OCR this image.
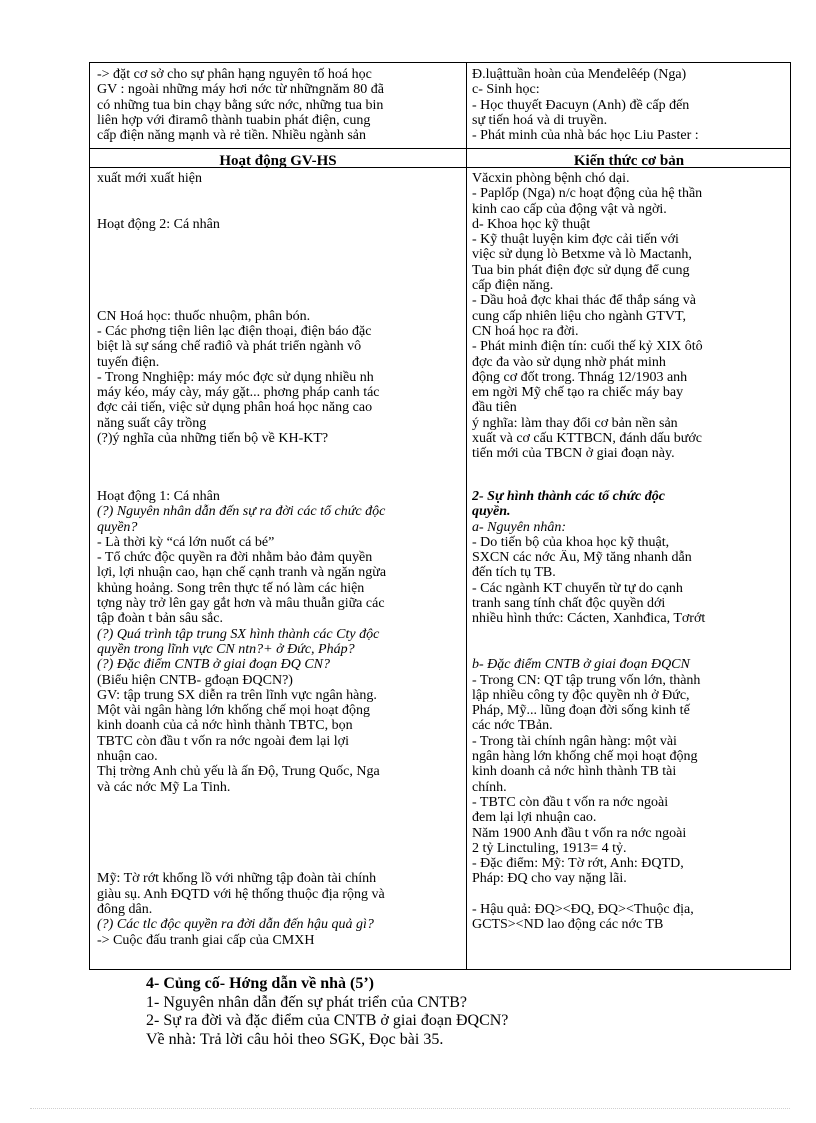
-> đặt cơ sở cho sự phân hạng nguyên tố hoá học
GV : ngoài những máy hơi nớc từ nhữngnăm 80 đã
có những tua bin chạy bằng sức nớc, những tua bin
liên hợp với điramô thành tuabin phát điện, cung
cấp điện năng mạnh và rẻ tiền. Nhiều ngành sản
Đ.luậttuần hoàn của Menđelêép (Nga)
c- Sinh học:
- Học thuyết Đacuyn (Anh) đề cấp đến
sự tiến hoá và di truyền.
- Phát minh của nhà bác học Liu Paster :
Hoạt động GV-HS	Kiến thức cơ bản
xuất mới xuất hiện

Hoạt động 2: Cá nhân

CN Hoá học: thuốc nhuộm, phân bón.
- Các phơng tiện liên lạc điện thoại, điện báo đặc
biệt là sự sáng chế rađiô và phát triển ngành vô
tuyến điện.
- Trong Nnghiệp: máy móc đợc sử dụng nhiều nh
máy kéo, máy cày, máy gặt... phơng pháp canh tác
đợc cải tiến, việc sử dụng phân hoá học năng cao
năng suất cây trồng
(?)ý nghĩa của những tiến bộ về KH-KT?
Văcxin phòng bệnh chó dại.
- Paplốp (Nga) n/c hoạt động của hệ thần
kinh cao cấp của động vật và ngời.
d- Khoa học kỹ thuật
- Kỹ thuật luyện kim đợc cải tiến với
việc sử dụng lò Betxme và lò Mactanh,
Tua bin phát điện đợc sử dụng để cung
cấp điện năng.
- Dầu hoả đợc khai thác để thắp sáng và
cung cấp nhiên liệu cho ngành GTVT,
CN hoá học ra đời.
- Phát minh điện tín: cuối thế kỷ XIX ôtô
đợc đa vào sử dụng nhờ phát minh
động cơ đốt trong. Thnág 12/1903 anh
em ngời Mỹ chế tạo ra chiếc máy bay
đầu tiên
ý nghĩa: làm thay đổi cơ bản nền sản
xuất và cơ cấu KTTBCN, đánh dấu bước
tiến mới của TBCN ở giai đoạn này.
Hoạt động 1: Cá nhân
(?) Nguyên nhân dẫn đến sự ra đời các tổ chức độc
quyền?
- Là thời kỳ “cá lớn nuốt cá bé”
- Tổ chức độc quyền ra đời nhằm bảo đảm quyền
lợi, lợi nhuận cao, hạn chế cạnh tranh và ngăn ngừa
khủng hoảng. Song trên thực tế nó làm các hiện
tợng này trở lên gay gắt hơn và mâu thuẫn giữa các
tập đoàn t bản sâu sắc.
(?) Quá trình tập trung SX hình thành các Cty độc
quyền trong lĩnh vực CN ntn?+ ở Đức, Pháp?
(?) Đặc điểm CNTB ở giai đoạn ĐQ CN?
(Biểu hiện CNTB- gđoạn ĐQCN?)
GV: tập trung SX diễn ra trên lĩnh vực ngân hàng.
Một vài ngân hàng lớn khống chế mọi hoạt động
kinh doanh của cả nớc hình thành TBTC, bọn
TBTC còn đầu t vốn ra nớc ngoài đem lại lợi
nhuận cao.
Thị trờng Anh chủ yếu là ấn Độ, Trung Quốc, Nga
và các nớc Mỹ La Tinh.

Mỹ: Tờ rớt khổng lồ với những tập đoàn tài chính
giàu sụ. Anh ĐQTD với hệ thống thuộc địa rộng và
đông dân.
(?) Các tlc độc quyền ra đời dẫn đến hậu quả gì?
-> Cuộc đấu tranh giai cấp của CMXH
2- Sự hình thành các tổ chức độc
quyền.
a- Nguyên nhân:
- Do tiến bộ của khoa học kỹ thuật,
SXCN các nớc Âu, Mỹ tăng nhanh dẫn
đến tích tụ TB.
- Các ngành KT chuyển từ tự do cạnh
tranh sang tính chất độc quyền dới
nhiều hình thức: Cácten, Xanhđica, Tơrớt

b- Đặc điểm CNTB ở giai đoạn ĐQCN
- Trong CN: QT tập trung vốn lớn, thành
lập nhiều công ty độc quyền nh ở Đức,
Pháp, Mỹ... lũng đoạn đời sống kinh tế
các nớc TBản.
- Trong tài chính ngân hàng: một vài
ngân hàng lớn khống chế mọi hoạt động
kinh doanh cả nớc hình thành TB tài
chính.
- TBTC còn đầu t vốn ra nớc ngoài
đem lại lợi nhuận cao.
Năm 1900 Anh đầu t vốn ra nớc ngoài
2 tỷ Linctuling, 1913= 4 tỷ.
- Đặc điểm: Mỹ: Tờ rớt, Anh: ĐQTD,
Pháp: ĐQ cho vay nặng lãi.

- Hậu quả: ĐQ><ĐQ, ĐQ><Thuộc địa,
GCTS><ND lao động các nớc TB
4- Củng cố- Hớng dẫn về nhà (5’)
1- Nguyên nhân dẫn đến sự phát triển của CNTB?
2- Sự ra đời và đặc điểm của CNTB ở giai đoạn ĐQCN?
Về nhà: Trả lời câu hỏi theo SGK, Đọc bài 35.
